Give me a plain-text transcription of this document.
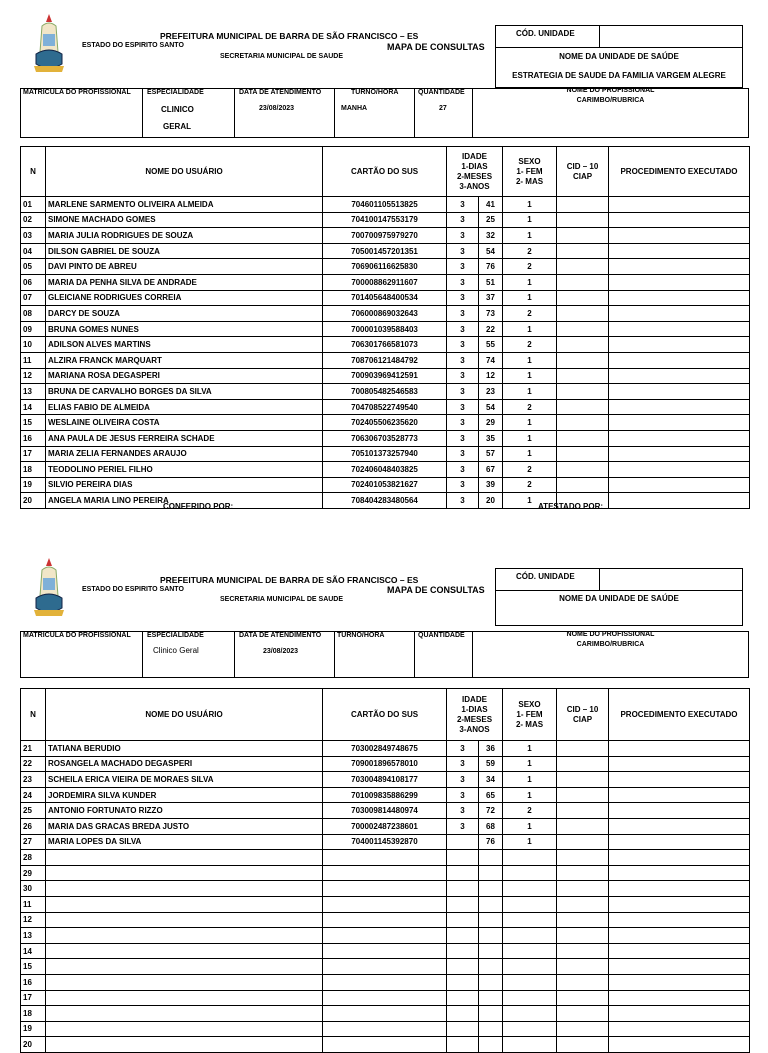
PREFEITURA MUNICIPAL DE BARRA DE SÃO FRANCISCO – ES
ESTADO DO ESPIRITO SANTO
SECRETARIA MUNICIPAL DE SAUDE
MAPA DE CONSULTAS
CÓD. UNIDADE
NOME DA UNIDADE DE SAÚDE
ESTRATEGIA DE SAUDE DA FAMILIA VARGEM ALEGRE
MATRICULA DO PROFISSIONAL ESPECIALIDADE
CLINICO
GERAL
DATA DE ATENDIMENTO
23/08/2023
TURNO/HORA
MANHA
QUANTIDADE
27
NOME DO PROFISSIONAL
CARIMBO/RUBRICA
N	NOME DO USUÁRIO	CARTÃO DO SUS	IDADE
1-DIAS
2-MESES
3-ANOS		SEXO
1- FEM
2- MAS	CID – 10
CIAP	PROCEDIMENTO EXECUTADO
01	MARLENE SARMENTO OLIVEIRA ALMEIDA	704601105513825	3	41	1		
02	SIMONE MACHADO GOMES	704100147553179	3	25	1		
03	MARIA JULIA RODRIGUES DE SOUZA	700700975979270	3	32	1		
04	DILSON GABRIEL DE SOUZA	705001457201351	3	54	2		
05	DAVI PINTO DE ABREU	706906116625830	3	76	2		
06	MARIA DA PENHA SILVA DE ANDRADE	700008862911607	3	51	1		
07	GLEICIANE RODRIGUES CORREIA	701405648400534	3	37	1		
08	DARCY DE SOUZA	706000869032643	3	73	2		
09	BRUNA GOMES NUNES	700001039588403	3	22	1		
10	ADILSON ALVES MARTINS	706301766581073	3	55	2		
11	ALZIRA FRANCK MARQUART	708706121484792	3	74	1		
12	MARIANA ROSA DEGASPERI	700903969412591	3	12	1		
13	BRUNA DE CARVALHO BORGES DA SILVA	700805482546583	3	23	1		
14	ELIAS FABIO DE ALMEIDA	704708522749540	3	54	2		
15	WESLAINE OLIVEIRA COSTA	702405506235620	3	29	1		
16	ANA PAULA DE JESUS FERREIRA SCHADE	706306703528773	3	35	1		
17	MARIA ZELIA FERNANDES ARAUJO	705101373257940	3	57	1		
18	TEODOLINO PERIEL FILHO	702406048403825	3	67	2		
19	SILVIO PEREIRA DIAS	702401053821627	3	39	2		
20	ANGELA MARIA LINO PEREIRA	708404283480564	3	20	1		
CONFERIDO POR:	ATESTADO POR:
PREFEITURA MUNICIPAL DE BARRA DE SÃO FRANCISCO – ES
ESTADO DO ESPIRITO SANTO
SECRETARIA MUNICIPAL DE SAUDE
MAPA DE CONSULTAS
CÓD. UNIDADE
NOME DA UNIDADE DE SAÚDE
MATRICULA DO PROFISSIONAL ESPECIALIDADE
Clinico Geral
DATA DE ATENDIMENTO
23/08/2023
TURNO/HORA	QUANTIDADE	NOME DO PROFISSIONAL
CARIMBO/RUBRICA
N	NOME DO USUÁRIO	CARTÃO DO SUS	IDADE
1-DIAS
2-MESES
3-ANOS		SEXO
1- FEM
2- MAS	CID – 10
CIAP	PROCEDIMENTO EXECUTADO
21	TATIANA BERUDIO	703002849748675	3	36	1		
22	ROSANGELA MACHADO DEGASPERI	709001896578010	3	59	1		
23	SCHEILA ERICA VIEIRA DE MORAES SILVA	703004894108177	3	34	1		
24	JORDEMIRA SILVA KUNDER	701009835886299	3	65	1		
25	ANTONIO FORTUNATO RIZZO	703009814480974	3	72	2		
26	MARIA DAS GRACAS BREDA JUSTO	700002487238601	3	68	1		
27	MARIA LOPES DA SILVA	704001145392870		76	1		
28							
29							
30							
11							
12							
13							
14							
15							
16							
17							
18							
19							
20							
